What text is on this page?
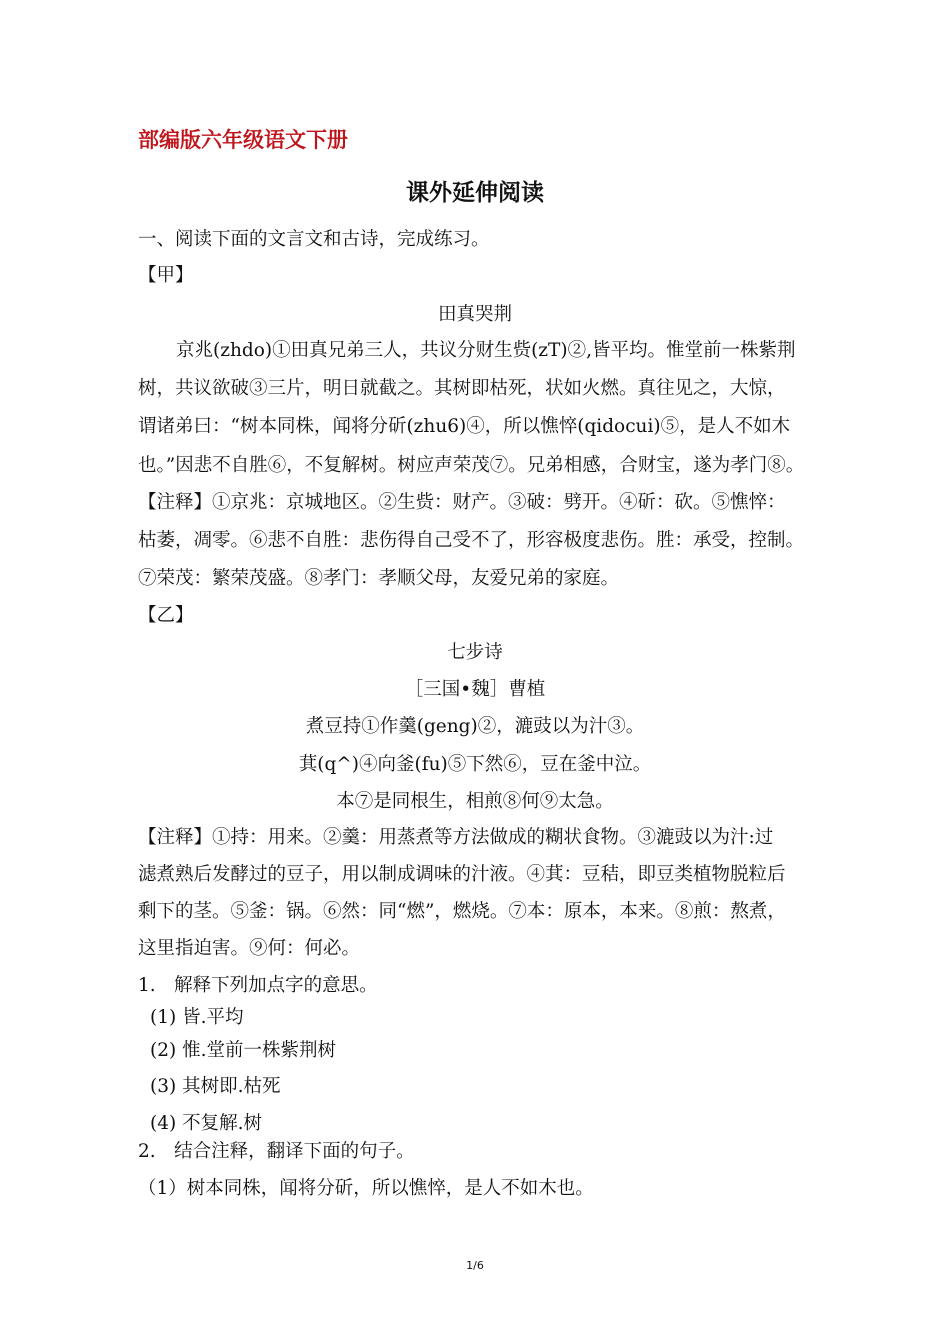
部编版六年级语文下册
课外延伸阅读
一、阅读下面的文言文和古诗，完成练习。
【甲】
田真哭荆
京兆(zhdo)①田真兄弟三人，共议分财生赀(zT)②,皆平均。惟堂前一株紫荆
树，共议欲破③三片，明日就截之。其树即枯死，状如火燃。真往见之，大惊，
谓诸弟曰：“树本同株，闻将分斫(zhu6)④，所以憔悴(qidocui)⑤，是人不如木
也。”因悲不自胜⑥，不复解树。树应声荣茂⑦。兄弟相感，合财宝，遂为孝门⑧。
【注释】①京兆：京城地区。②生赀：财产。③破：劈开。④斫：砍。⑤憔悴：
枯萎，凋零。⑥悲不自胜：悲伤得自己受不了，形容极度悲伤。胜：承受，控制。
⑦荣茂：繁荣茂盛。⑧孝门：孝顺父母，友爱兄弟的家庭。
【乙】
七步诗
［三国•魏］曹植
煮豆持①作羹(geng)②，漉豉以为汁③。
萁(q^)④向釜(fu)⑤下然⑥，豆在釜中泣。
本⑦是同根生，相煎⑧何⑨太急。
【注释】①持：用来。②羹：用蒸煮等方法做成的糊状食物。③漉豉以为汁:过
滤煮熟后发酵过的豆子，用以制成调味的汁液。④萁：豆秸，即豆类植物脱粒后
剩下的茎。⑤釜：锅。⑥然：同“燃”，燃烧。⑦本：原本，本来。⑧煎：熬煮，
这里指迫害。⑨何：何必。
1.　解释下列加点字的意思。
(1) 皆.平均
(2) 惟.堂前一株紫荆树
(3) 其树即.枯死
(4) 不复解.树
2.　结合注释，翻译下面的句子。
（1）树本同株，闻将分斫，所以憔悴，是人不如木也。
1/6
